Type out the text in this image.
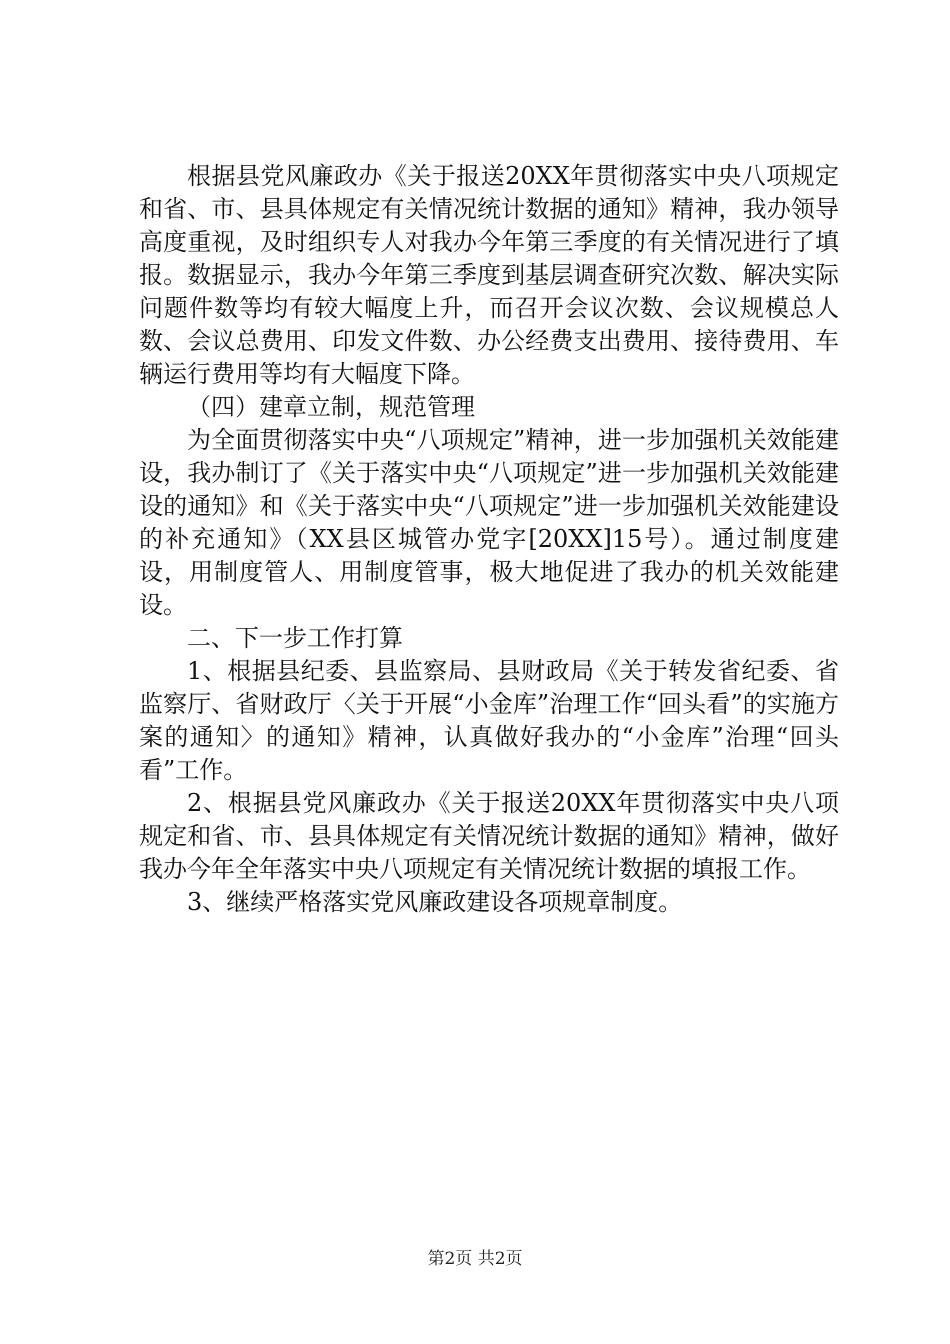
根据县党风廉政办《关于报送20XX年贯彻落实中央八项规定和省、市、县具体规定有关情况统计数据的通知》精神，我办领导高度重视，及时组织专人对我办今年第三季度的有关情况进行了填报。数据显示，我办今年第三季度到基层调查研究次数、解决实际问题件数等均有较大幅度上升，而召开会议次数、会议规模总人数、会议总费用、印发文件数、办公经费支出费用、接待费用、车辆运行费用等均有大幅度下降。

（四）建章立制，规范管理

为全面贯彻落实中央“八项规定”精神，进一步加强机关效能建设，我办制订了《关于落实中央“八项规定”进一步加强机关效能建设的通知》和《关于落实中央“八项规定”进一步加强机关效能建设的补充通知》（XX县区城管办党字[20XX]15号）。通过制度建设，用制度管人、用制度管事，极大地促进了我办的机关效能建设。

二、下一步工作打算

1、根据县纪委、县监察局、县财政局《关于转发省纪委、省监察厅、省财政厅〈关于开展“小金库”治理工作“回头看”的实施方案的通知〉的通知》精神，认真做好我办的“小金库”治理“回头看”工作。

2、根据县党风廉政办《关于报送20XX年贯彻落实中央八项规定和省、市、县具体规定有关情况统计数据的通知》精神，做好我办今年全年落实中央八项规定有关情况统计数据的填报工作。

3、继续严格落实党风廉政建设各项规章制度。

第2页 共2页
